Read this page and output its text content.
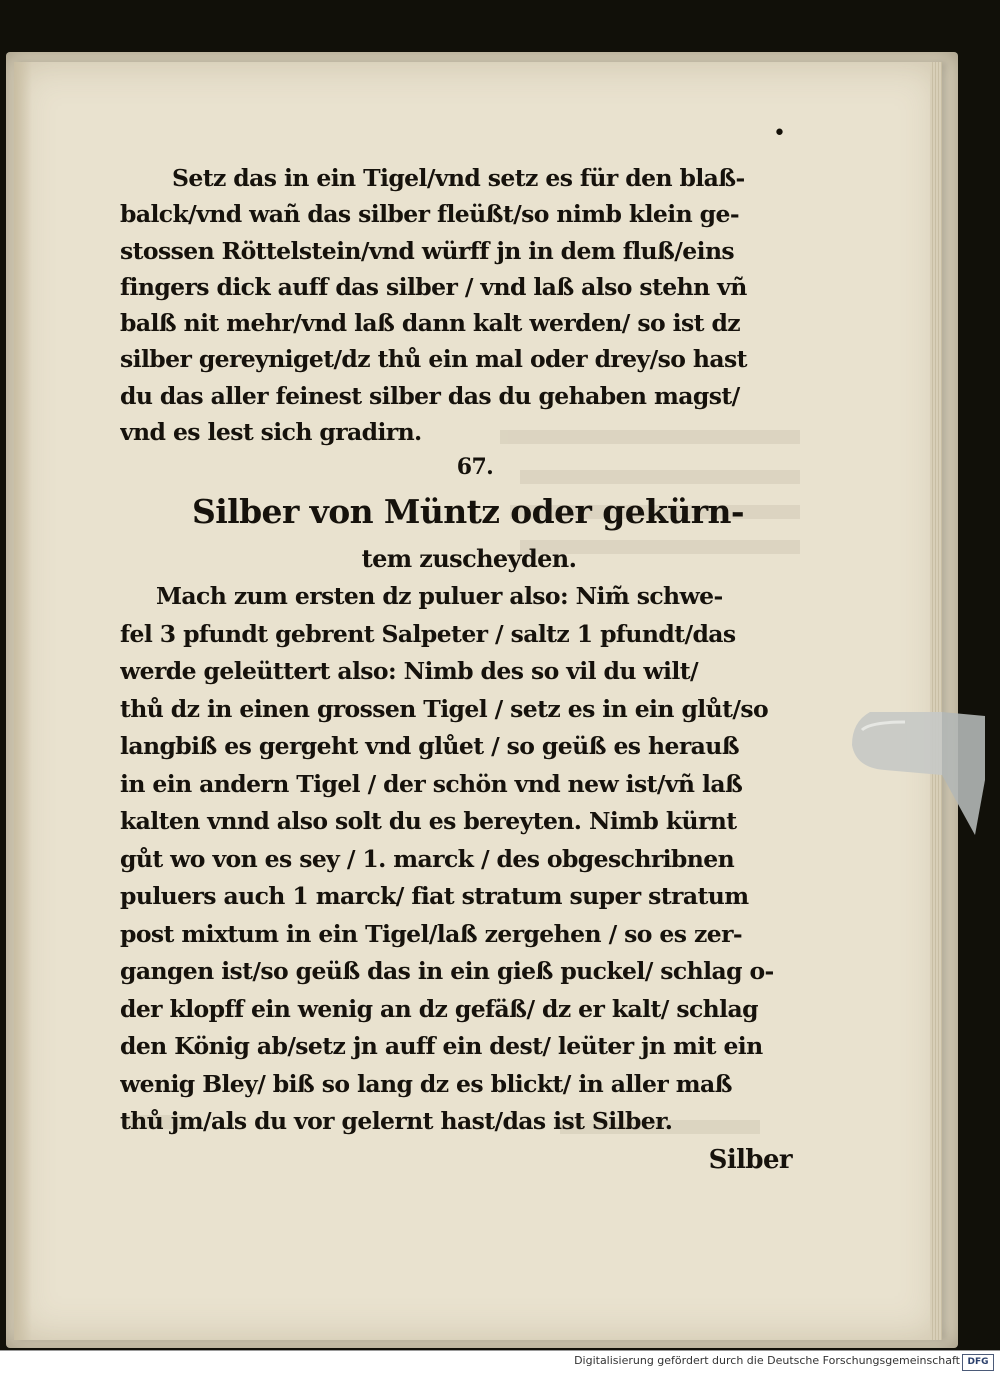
•
Setz das in ein Tigel/vnd setz es für den blaß-
balck/vnd wañ das silber fleüßt/so nimb klein ge-
stossen Röttelstein/vnd würff jn in dem fluß/eins
fingers dick auff das silber / vnd laß also stehn vñ
balß nit mehr/vnd laß dann kalt werden/ so ist dz
silber gereyniget/dz thů ein mal oder drey/so hast
du das aller feinest silber das du gehaben magst/
vnd es lest sich gradirn.
67.
Silber von Müntz oder gekürn-
tem zuscheyden.
Mach zum ersten dz puluer also: Nim̃ schwe-
fel 3 pfundt gebrent Salpeter / saltz 1 pfundt/das
werde geleüttert also: Nimb des so vil du wilt/
thů dz in einen grossen Tigel / setz es in ein glůt/so
langbiß es gergeht vnd glůet / so geüß es herauß
in ein andern Tigel / der schön vnd new ist/vñ laß
kalten vnnd also solt du es bereyten. Nimb kürnt
gůt wo von es sey / 1. marck / des obgeschribnen
puluers auch 1 marck/ fiat stratum super stratum
post mixtum in ein Tigel/laß zergehen / so es zer-
gangen ist/so geüß das in ein gieß puckel/ schlag o-
der klopff ein wenig an dz gefäß/ dz er kalt/ schlag
den König ab/setz jn auff ein dest/ leüter jn mit ein
wenig Bley/ biß so lang dz es blickt/ in aller maß
thů jm/als du vor gelernt hast/das ist Silber.
Silber
Digitalisierung gefördert durch die Deutsche Forschungsgemeinschaft DFG
